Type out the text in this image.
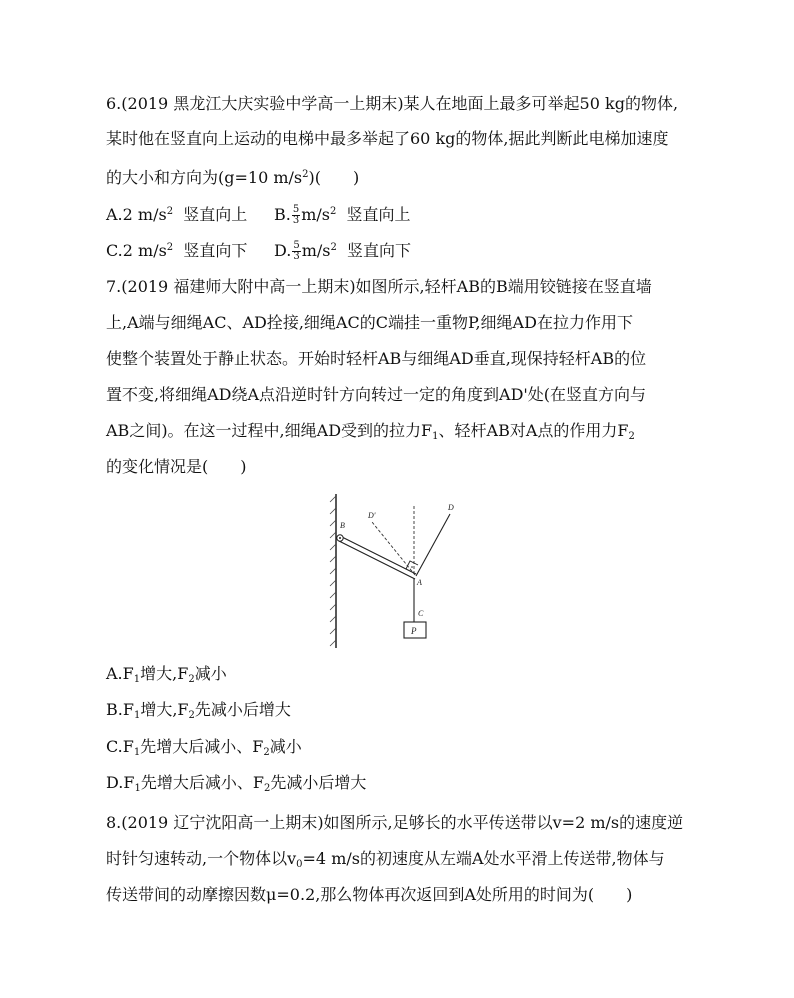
6.(2019 黑龙江大庆实验中学高一上期末)某人在地面上最多可举起50 kg的物体,
某时他在竖直向上运动的电梯中最多举起了60 kg的物体,据此判断此电梯加速度
的大小和方向为(g=10 $m/s^2$)(  )
A.2 $m/s^2$ 竖直向上 B. $\frac{5}{3} m/s^2$ 竖直向上
C.2 $m/s^2$ 竖直向下 D. $\frac{5}{3} m/s^2$ 竖直向下
7.(2019 福建师大附中高一上期末)如图所示,轻杆AB的B端用铰链接在竖直墙
上,A端与细绳AC、AD拴接,细绳AC的C端挂一重物P,细绳AD在拉力作用下
使整个装置处于静止状态。开始时轻杆AB与细绳AD垂直,现保持轻杆AB的位
置不变,将细绳AD绕A点沿逆时针方向转过一定的角度到AD'处(在竖直方向与
AB之间)。在这一过程中,细绳AD受到的拉力$F_1$、轻杆AB对A点的作用力$F_2$
的变化情况是(  )
B
D'
D
A
C
P
$A.F_1$增大$,F_2$减小
$B.F_1$增大$,F_2$先减小后增大
$C.F_1$先增大后减小、$F_2$减小
$D.F_1$先增大后减小、$F_2$先减小后增大
8.(2019 辽宁沈阳高一上期末)如图所示,足够长的水平传送带以v=2 m/s的速度逆
时针匀速转动,一个物体以$v_0=4$ m/s的初速度从左端A处水平滑上传送带,物体与
传送带间的动摩擦因数μ=0.2,那么物体再次返回到A处所用的时间为(  )
